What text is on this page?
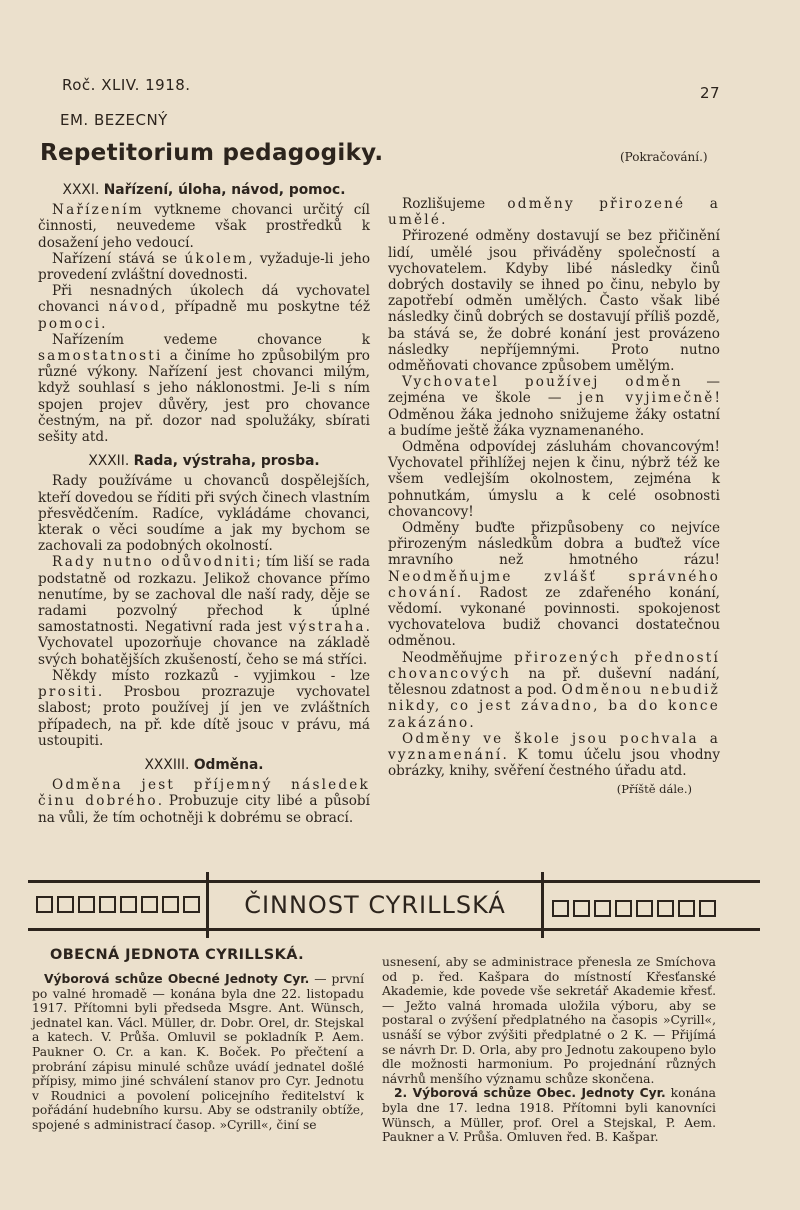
Roč. XLIV. 1918.	27
EM. BEZECNÝ
Repetitorium pedagogiky.	(Pokračování.)
XXXI. Nařízení, úloha, návod, pomoc.

Nařízením vytkneme chovanci určitý cíl činnosti, neuvedeme však prostředků k dosažení jeho vedoucí.

Nařízení stává se úkolem, vyžaduje-li jeho provedení zvláštní dovednosti.

Při nesnadných úkolech dá vychovatel chovanci návod, případně mu poskytne též pomoci.

Nařízením vedeme chovance k samostatnosti a činíme ho způsobilým pro různé výkony. Nařízení jest chovanci milým, když souhlasí s jeho náklonostmi. Je-li s ním spojen projev důvěry, jest pro chovance čestným, na př. dozor nad spolužáky, sbírati sešity atd.

XXXII. Rada, výstraha, prosba.

Rady používáme u chovanců dospělejších, kteří dovedou se říditi při svých činech vlastním přesvědčením. Radíce, vykládáme chovanci, kterak o věci soudíme a jak my bychom se zachovali za podobných okolností.

Rady nutno odůvodniti; tím liší se rada podstatně od rozkazu. Jelikož chovance přímo nenutíme, by se zachoval dle naší rady, děje se radami pozvolný přechod k úplné samostatnosti. Negativní rada jest výstraha. Vychovatel upozorňuje chovance na základě svých bohatějších zkušeností, čeho se má stříci.

Někdy místo rozkazů - vyjimkou - lze prositi. Prosbou prozrazuje vychovatel slabost; proto používej jí jen ve zvláštních případech, na př. kde dítě jsouc v právu, má ustoupiti.

XXXIII. Odměna.

Odměna jest příjemný následek činu dobrého. Probuzuje city libé a působí na vůli, že tím ochotněji k dobrému se obrací.

Rozlišujeme odměny přirozené a umělé.

Přirozené odměny dostavují se bez přičinění lidí, umělé jsou přiváděny společností a vychovatelem. Kdyby libé následky činů dobrých dostavily se ihned po činu, nebylo by zapotřebí odměn umělých. Často však libé následky činů dobrých se dostavují příliš pozdě, ba stává se, že dobré konání jest provázeno následky nepříjemnými. Proto nutno odměňovati chovance způsobem umělým.

Vychovatel používej odměn — zejména ve škole — jen vyjimečně! Odměnou žáka jednoho snižujeme žáky ostatní a budíme ještě žáka vyznamenaného.

Odměna odpovídej zásluhám chovancovým! Vychovatel přihlížej nejen k činu, nýbrž též ke všem vedlejším okolnostem, zejména k pohnutkám, úmyslu a k celé osobnosti chovancovy!

Odměny buďte přizpůsobeny co nejvíce přirozeným následkům dobra a buďtež více mravního než hmotného rázu! Neodměňujme zvlášť správného chování. Radost ze zdařeného konání, vědomí. vykonané povinnosti. spokojenost vychovatelova budiž chovanci dostatečnou odměnou.

Neodměňujme přirozených předností chovancových na př. duševní nadání, tělesnou zdatnost a pod. Odměnou nebudiž nikdy, co jest závadno, ba do konce zakázáno.

Odměny ve škole jsou pochvala a vyznamenání. K tomu účelu jsou vhodny obrázky, knihy, svěření čestného úřadu atd.

(Příště dále.)
ČINNOST CYRILLSKÁ
OBECNÁ JEDNOTA CYRILLSKÁ.

Výborová schůze Obecné Jednoty Cyr. — první po valné hromadě — konána byla dne 22. listopadu 1917. Přítomni byli předseda Msgre. Ant. Wünsch, jednatel kan. Václ. Müller, dr. Dobr. Orel, dr. Stejskal a katech. V. Průša. Omluvil se pokladník P. Aem. Paukner O. Cr. a kan. K. Boček. Po přečtení a probrání zápisu minulé schůze uvádí jednatel došlé přípisy, mimo jiné schválení stanov pro Cyr. Jednotu v Roudnici a povolení policejního ředitelství k pořádání hudebního kursu. Aby se odstranily obtíže, spojené s administrací časop. »Cyrill«, činí se

usnesení, aby se administrace přenesla ze Smíchova od p. řed. Kašpara do místností Křesťanské Akademie, kde povede vše sekretář Akademie křesť. — Ježto valná hromada uložila výboru, aby se postaral o zvýšení předplatného na časopis »Cyrill«, usnáší se výbor zvýšiti předplatné o 2 K. — Přijímá se návrh Dr. D. Orla, aby pro Jednotu zakoupeno bylo dle možnosti harmonium. Po projednání různých návrhů menšího významu schůze skončena.

2. Výborová schůze Obec. Jednoty Cyr. konána byla dne 17. ledna 1918. Přítomni byli kanovníci Wünsch, a Müller, prof. Orel a Stejskal, P. Aem. Paukner a V. Průša. Omluven řed. B. Kašpar.
